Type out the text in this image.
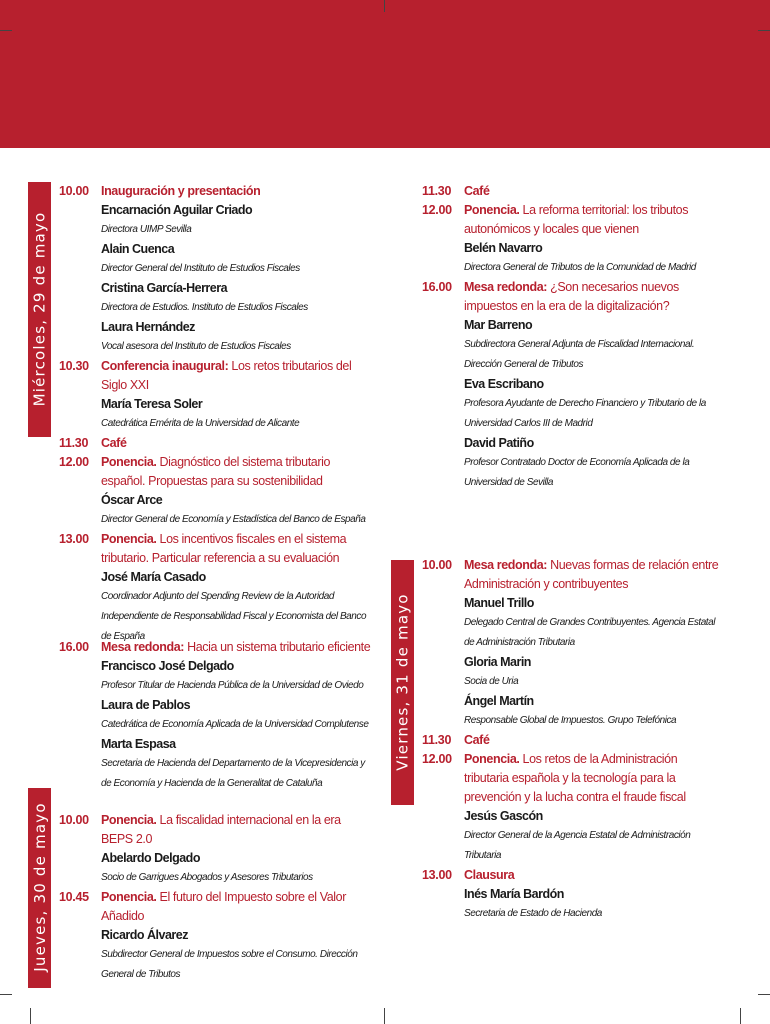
Miércoles, 29 de mayo
Jueves, 30 de mayo
Viernes, 31 de mayo
10.00 Inauguración y presentación
Encarnación Aguilar Criado
Directora UIMP Sevilla
Alain Cuenca
Director General del Instituto de Estudios Fiscales
Cristina García-Herrera
Directora de Estudios. Instituto de Estudios Fiscales
Laura Hernández
Vocal asesora del Instituto de Estudios Fiscales
10.30 Conferencia inaugural: Los retos tributarios del Siglo XXI
María Teresa Soler
Catedrática Emérita de la Universidad de Alicante
11.30	Café
12.00 Ponencia. Diagnóstico del sistema tributario español. Propuestas para su sostenibilidad
Óscar Arce
Director General de Economía y Estadística del Banco de España
13.00 Ponencia. Los incentivos fiscales en el sistema tributario. Particular referencia a su evaluación
José María Casado
Coordinador Adjunto del Spending Review de la Autoridad Independiente de Responsabilidad Fiscal y Economista del Banco de España
16.00 Mesa redonda: Hacia un sistema tributario eficiente
Francisco José Delgado
Profesor Titular de Hacienda Pública de la Universidad de Oviedo
Laura de Pablos
Catedrática de Economía Aplicada de la Universidad Complutense
Marta Espasa
Secretaria de Hacienda del Departamento de la Vicepresidencia y de Economía y Hacienda de la Generalitat de Cataluña
10.00 Ponencia. La fiscalidad internacional en la era BEPS 2.0
Abelardo Delgado
Socio de Garrigues Abogados y Asesores Tributarios
10.45 Ponencia. El futuro del Impuesto sobre el Valor Añadido
Ricardo Álvarez
Subdirector General de Impuestos sobre el Consumo. Dirección General de Tributos
11.30	Café
12.00 Ponencia. La reforma territorial: los tributos autonómicos y locales que vienen
Belén Navarro
Directora General de Tributos de la Comunidad de Madrid
16.00 Mesa redonda: ¿Son necesarios nuevos impuestos en la era de la digitalización?
Mar Barreno
Subdirectora General Adjunta de Fiscalidad Internacional. Dirección General de Tributos
Eva Escribano
Profesora Ayudante de Derecho Financiero y Tributario de la Universidad Carlos III de Madrid
David Patiño
Profesor Contratado Doctor de Economía Aplicada de la Universidad de Sevilla
10.00 Mesa redonda: Nuevas formas de relación entre Administración y contribuyentes
Manuel Trillo
Delegado Central de Grandes Contribuyentes. Agencia Estatal de Administración Tributaria
Gloria Marin
Socia de Uria
Ángel Martín
Responsable Global de Impuestos. Grupo Telefónica
11.30	Café
12.00 Ponencia. Los retos de la Administración tributaria española y la tecnología para la prevención y la lucha contra el fraude fiscal
Jesús Gascón
Director General de la Agencia Estatal de Administración Tributaria
13.00 Clausura
Inés María Bardón
Secretaria de Estado de Hacienda
